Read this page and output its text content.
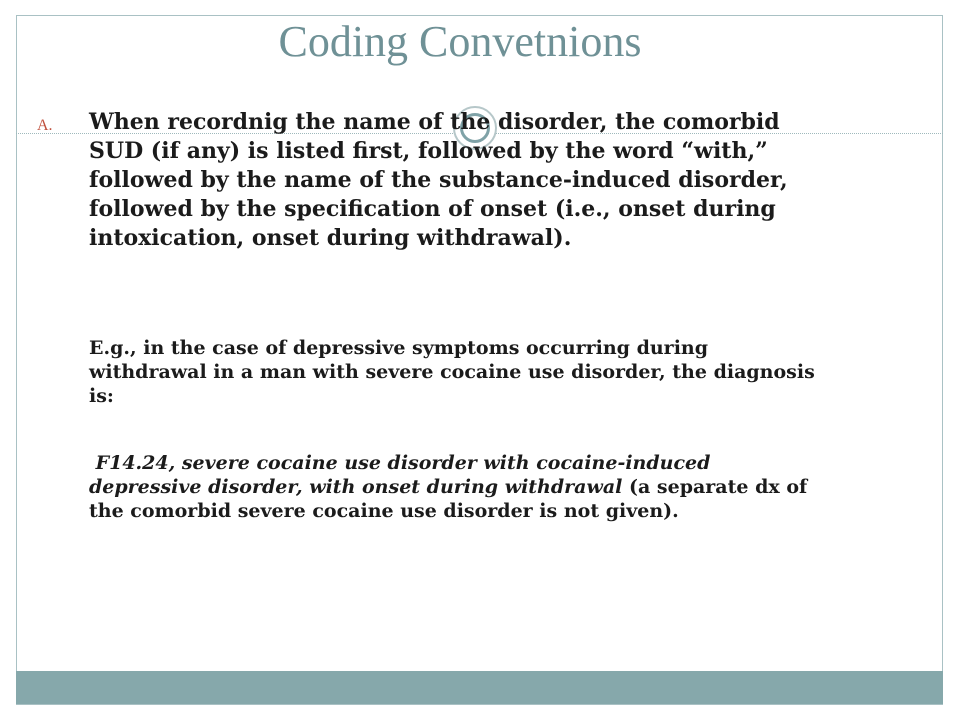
Coding Convetnions
A. When recordnig the name of the disorder, the comorbid SUD (if any) is listed first, followed by the word “with,” followed by the name of the substance-induced disorder, followed by the specification of onset (i.e., onset during intoxication, onset during withdrawal).
E.g., in the case of depressive symptoms occurring during withdrawal in a man with severe cocaine use disorder, the diagnosis is:
F14.24, severe cocaine use disorder with cocaine-induced depressive disorder, with onset during withdrawal (a separate dx of the comorbid severe cocaine use disorder is not given).
